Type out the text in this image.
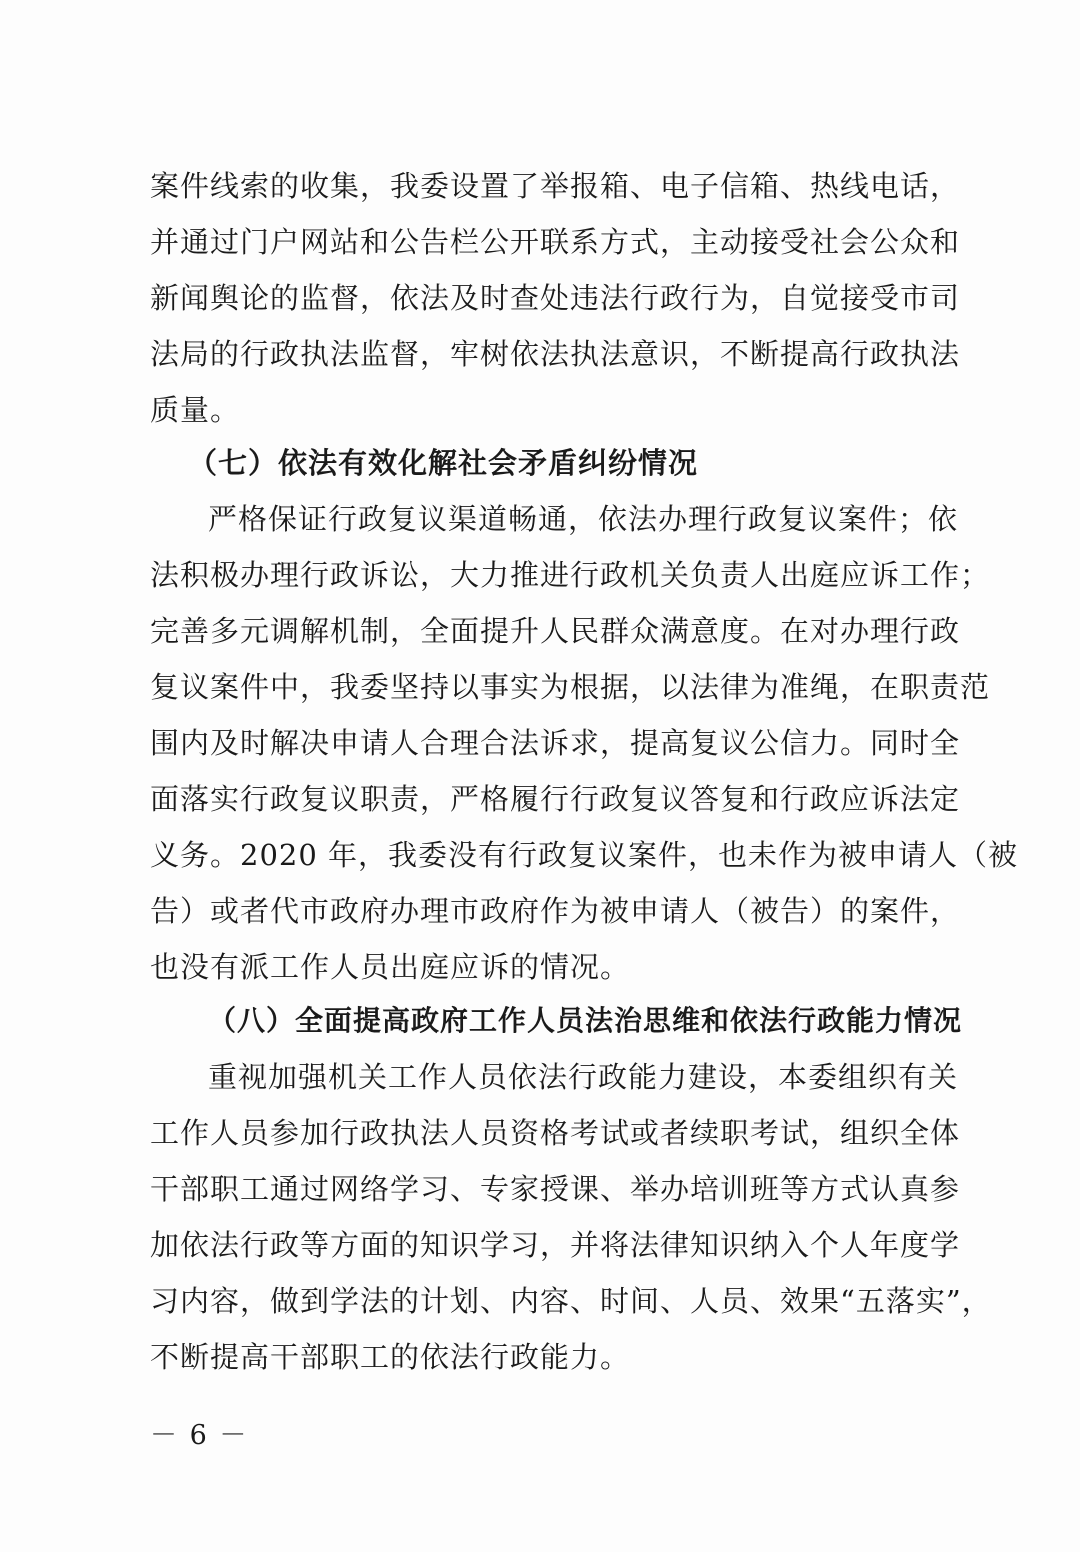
案件线索的收集，我委设置了举报箱、电子信箱、热线电话，
并通过门户网站和公告栏公开联系方式，主动接受社会公众和
新闻舆论的监督，依法及时查处违法行政行为，自觉接受市司
法局的行政执法监督，牢树依法执法意识，不断提高行政执法
质量。
（七）依法有效化解社会矛盾纠纷情况
严格保证行政复议渠道畅通，依法办理行政复议案件；依
法积极办理行政诉讼，大力推进行政机关负责人出庭应诉工作；
完善多元调解机制，全面提升人民群众满意度。在对办理行政
复议案件中，我委坚持以事实为根据，以法律为准绳，在职责范
围内及时解决申请人合理合法诉求，提高复议公信力。同时全
面落实行政复议职责，严格履行行政复议答复和行政应诉法定
义务。2020 年，我委没有行政复议案件，也未作为被申请人（被
告）或者代市政府办理市政府作为被申请人（被告）的案件，
也没有派工作人员出庭应诉的情况。
（八）全面提高政府工作人员法治思维和依法行政能力情况
重视加强机关工作人员依法行政能力建设，本委组织有关
工作人员参加行政执法人员资格考试或者续职考试，组织全体
干部职工通过网络学习、专家授课、举办培训班等方式认真参
加依法行政等方面的知识学习，并将法律知识纳入个人年度学
习内容，做到学法的计划、内容、时间、人员、效果“五落实”，
不断提高干部职工的依法行政能力。
－ 6 －
